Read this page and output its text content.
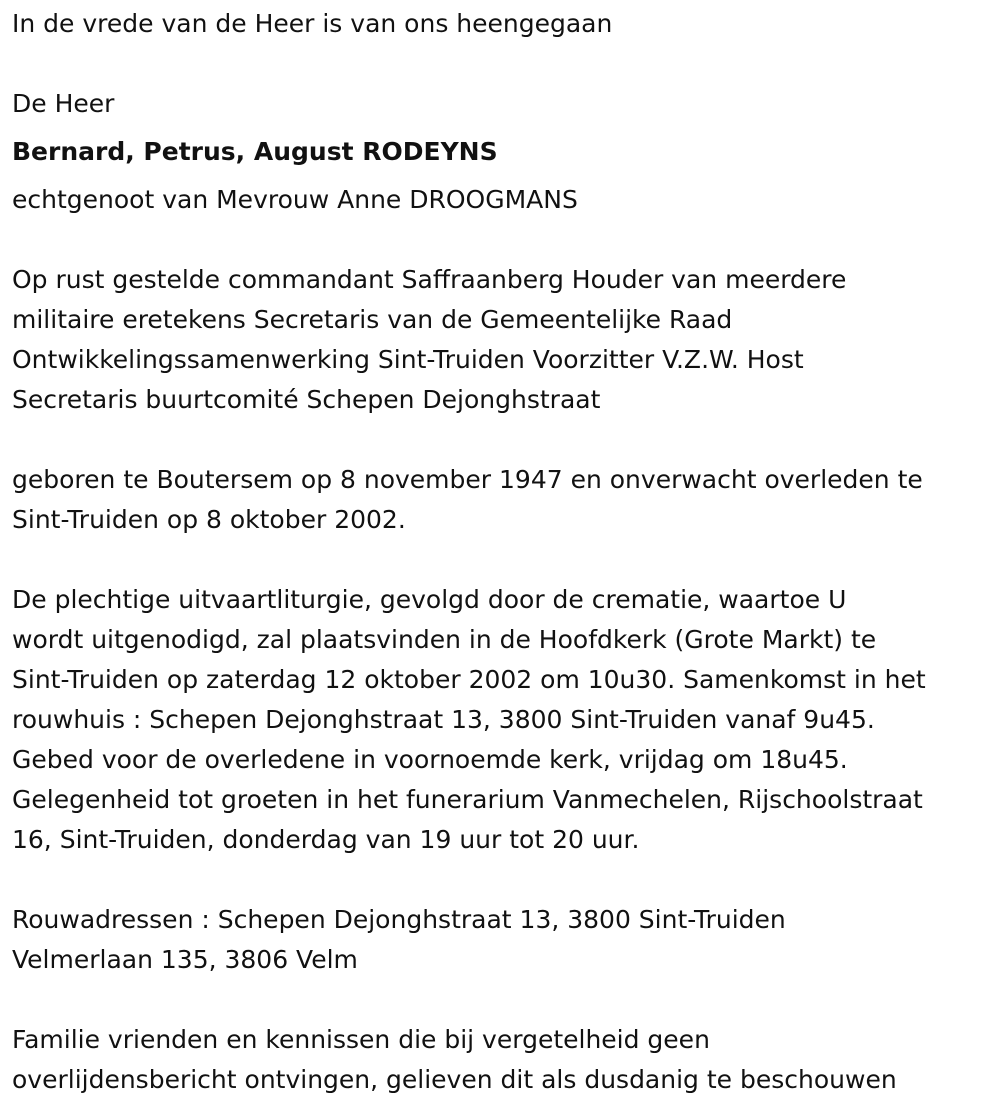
In de vrede van de Heer is van ons heengegaan

De Heer

Bernard, Petrus, August RODEYNS

echtgenoot van Mevrouw Anne DROOGMANS

Op rust gestelde commandant Saffraanberg Houder van meerdere
militaire eretekens Secretaris van de Gemeentelijke Raad
Ontwikkelingssamenwerking Sint-Truiden Voorzitter V.Z.W. Host
Secretaris buurtcomité Schepen Dejonghstraat
geboren te Boutersem op 8 november 1947 en onverwacht overleden te
Sint-Truiden op 8 oktober 2002.
De plechtige uitvaartliturgie, gevolgd door de crematie, waartoe U
wordt uitgenodigd, zal plaatsvinden in de Hoofdkerk (Grote Markt) te
Sint-Truiden op zaterdag 12 oktober 2002 om 10u30. Samenkomst in het
rouwhuis : Schepen Dejonghstraat 13, 3800 Sint-Truiden vanaf 9u45.
Gebed voor de overledene in voornoemde kerk, vrijdag om 18u45.
Gelegenheid tot groeten in het funerarium Vanmechelen, Rijschoolstraat
16, Sint-Truiden, donderdag van 19 uur tot 20 uur.
Rouwadressen : Schepen Dejonghstraat 13, 3800 Sint-Truiden
Velmerlaan 135, 3806 Velm
Familie vrienden en kennissen die bij vergetelheid geen
overlijdensbericht ontvingen, gelieven dit als dusdanig te beschouwen
